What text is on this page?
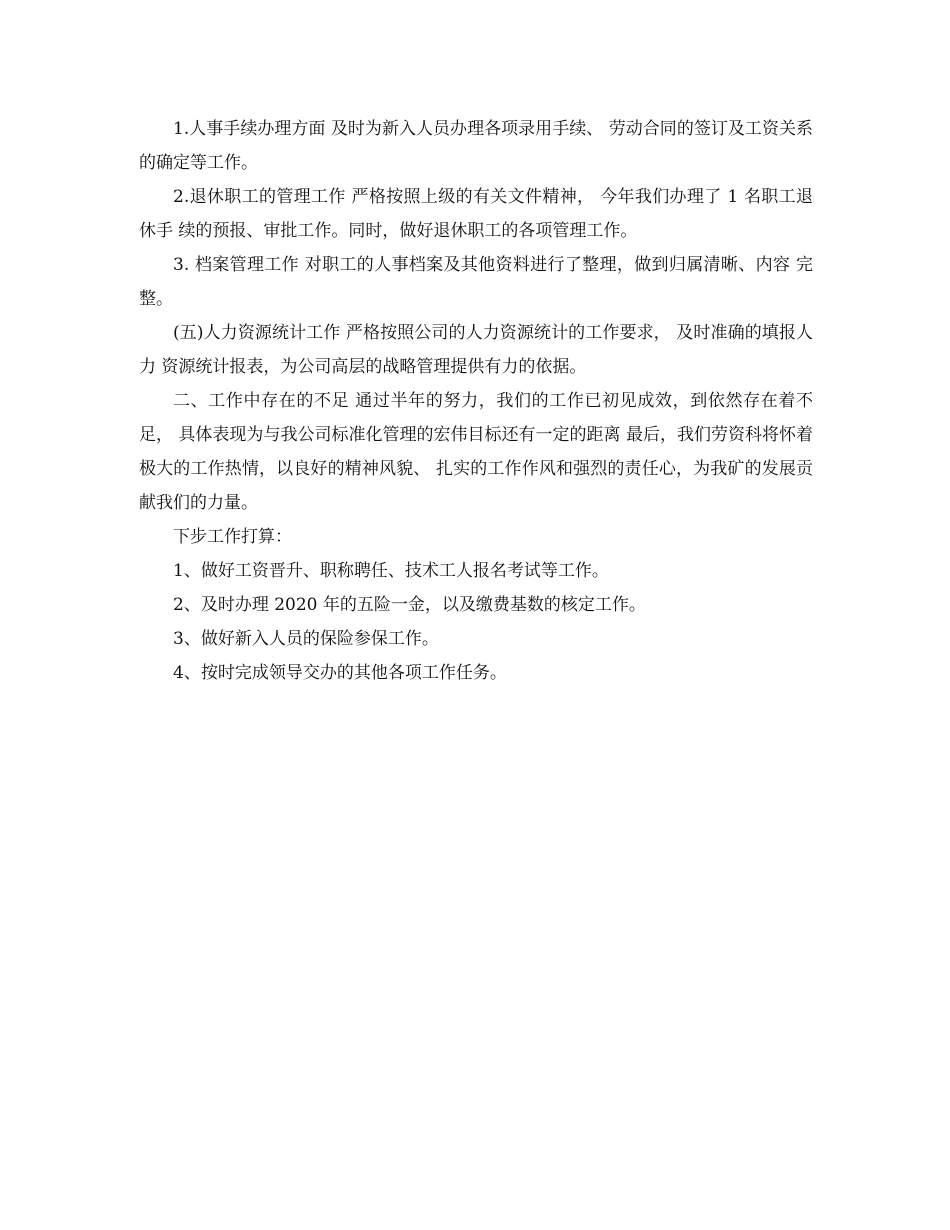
1.人事手续办理方面 及时为新入人员办理各项录用手续、 劳动合同的签订及工资关系 的确定等工作。

2.退休职工的管理工作 严格按照上级的有关文件精神， 今年我们办理了 1 名职工退休手 续的预报、审批工作。同时，做好退休职工的各项管理工作。

3. 档案管理工作 对职工的人事档案及其他资料进行了整理，做到归属清晰、内容 完整。

(五)人力资源统计工作 严格按照公司的人力资源统计的工作要求， 及时准确的填报人力 资源统计报表，为公司高层的战略管理提供有力的依据。

二、工作中存在的不足 通过半年的努力，我们的工作已初见成效，到依然存在着不足， 具体表现为与我公司标准化管理的宏伟目标还有一定的距离 最后，我们劳资科将怀着极大的工作热情，以良好的精神风貌、 扎实的工作作风和强烈的责任心，为我矿的发展贡献我们的力量。

下步工作打算：

1、做好工资晋升、职称聘任、技术工人报名考试等工作。

2、及时办理 2020 年的五险一金，以及缴费基数的核定工作。

3、做好新入人员的保险参保工作。

4、按时完成领导交办的其他各项工作任务。
